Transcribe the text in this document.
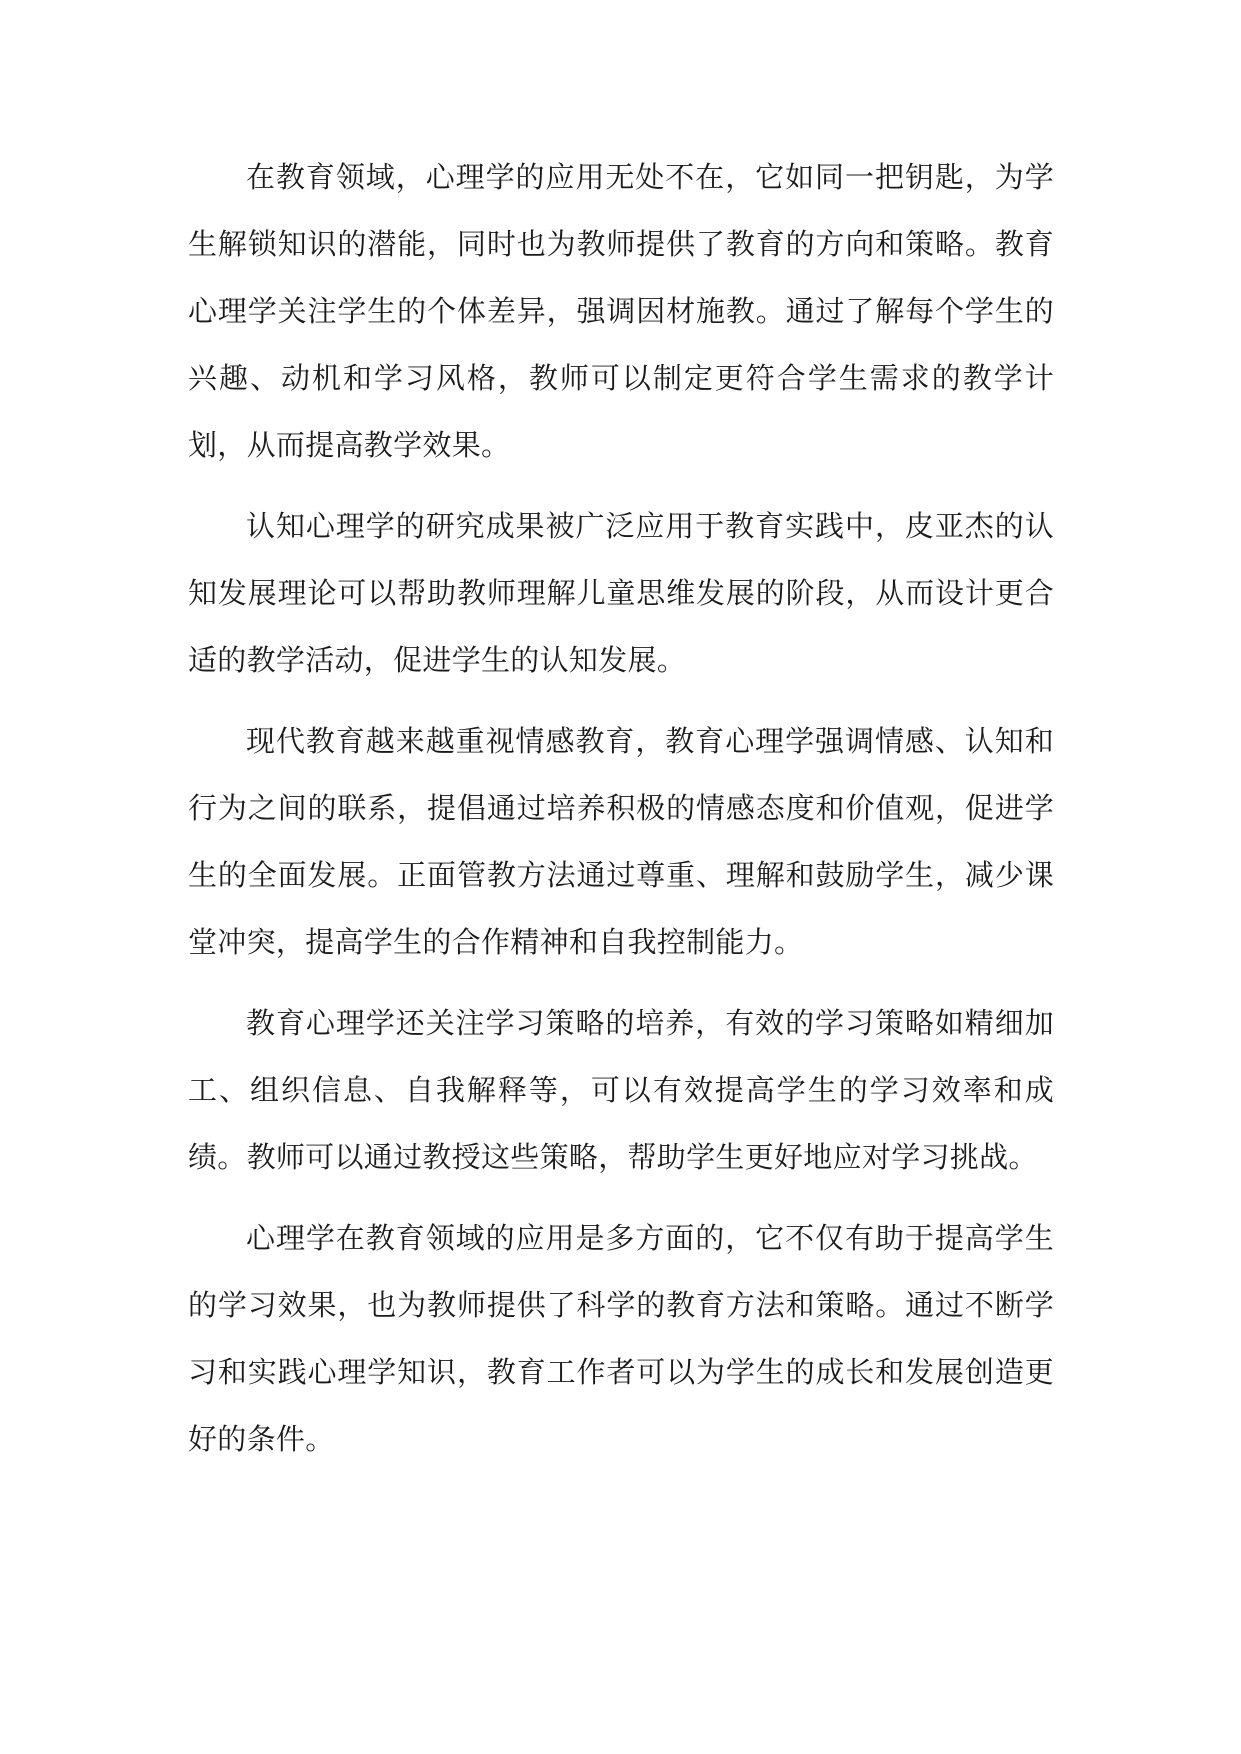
在教育领域，心理学的应用无处不在，它如同一把钥匙，为学生解锁知识的潜能，同时也为教师提供了教育的方向和策略。教育心理学关注学生的个体差异，强调因材施教。通过了解每个学生的兴趣、动机和学习风格，教师可以制定更符合学生需求的教学计划，从而提高教学效果。

认知心理学的研究成果被广泛应用于教育实践中，皮亚杰的认知发展理论可以帮助教师理解儿童思维发展的阶段，从而设计更合适的教学活动，促进学生的认知发展。

现代教育越来越重视情感教育，教育心理学强调情感、认知和行为之间的联系，提倡通过培养积极的情感态度和价值观，促进学生的全面发展。正面管教方法通过尊重、理解和鼓励学生，减少课堂冲突，提高学生的合作精神和自我控制能力。

教育心理学还关注学习策略的培养，有效的学习策略如精细加工、组织信息、自我解释等，可以有效提高学生的学习效率和成绩。教师可以通过教授这些策略，帮助学生更好地应对学习挑战。

心理学在教育领域的应用是多方面的，它不仅有助于提高学生的学习效果，也为教师提供了科学的教育方法和策略。通过不断学习和实践心理学知识，教育工作者可以为学生的成长和发展创造更好的条件。
